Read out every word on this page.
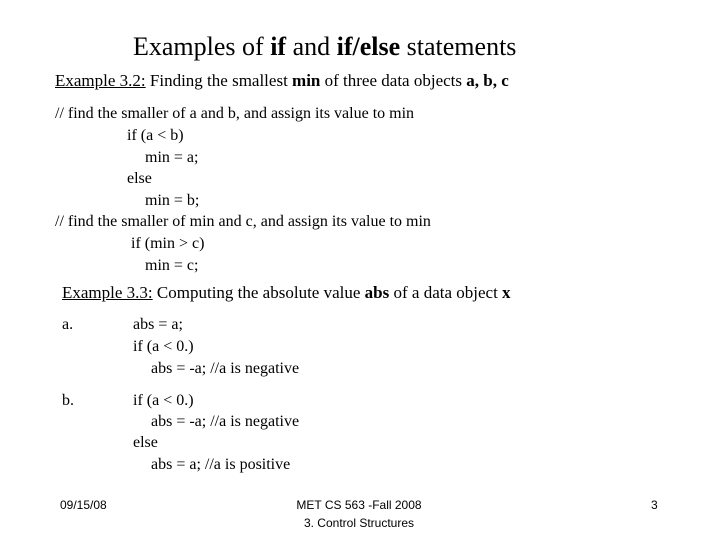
Examples of if and if/else statements
Example 3.2: Finding the smallest min of three data objects a, b, c
// find the smaller of a and b, and assign its value to min
if (a < b)
min = a;
else
min = b;
// find the smaller of min and c, and assign its value to min
if (min > c)
min = c;
Example 3.3: Computing the absolute value abs of a data object x
a.	abs = a;
if (a < 0.)
abs = -a; //a is negative
b.	if (a < 0.)
abs = -a; //a is negative
else
abs = a; //a is positive
09/15/08	MET CS 563 -Fall 2008
3. Control Structures
3
